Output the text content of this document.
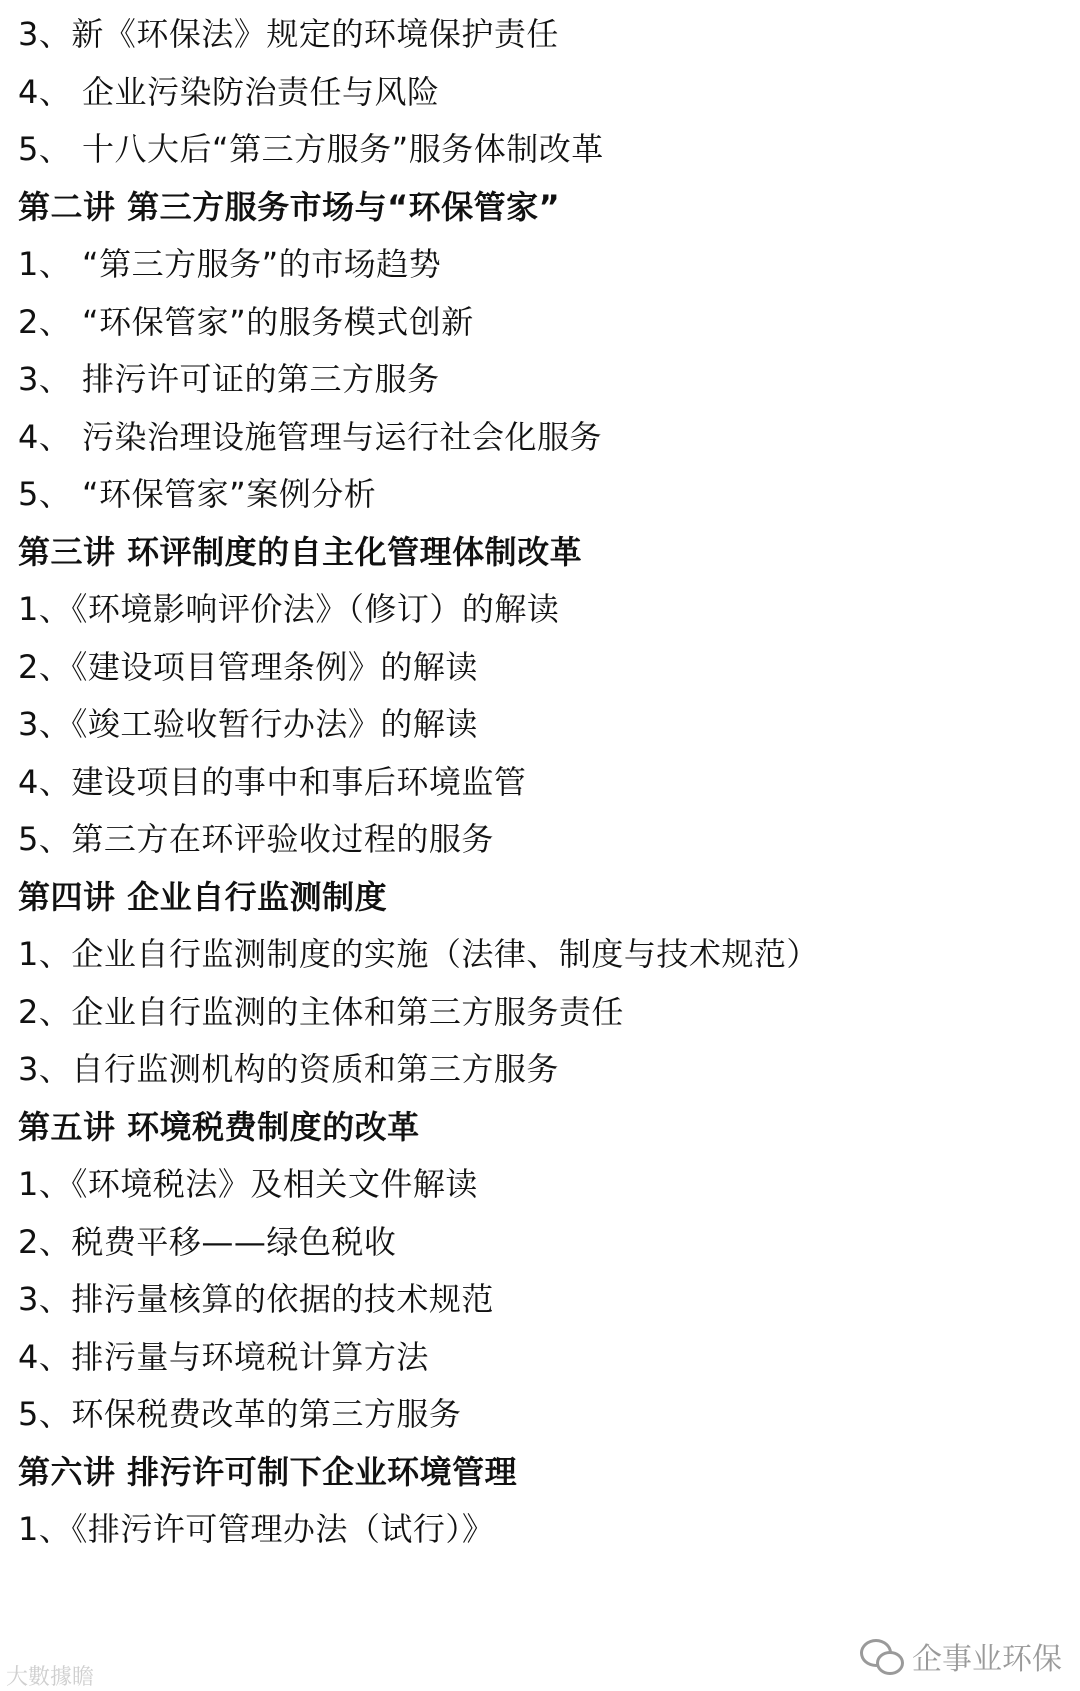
3、新《环保法》规定的环境保护责任
4、 企业污染防治责任与风险
5、 十八大后“第三方服务”服务体制改革
第二讲 第三方服务市场与“环保管家”
1、 “第三方服务”的市场趋势
2、 “环保管家”的服务模式创新
3、 排污许可证的第三方服务
4、 污染治理设施管理与运行社会化服务
5、 “环保管家”案例分析
第三讲 环评制度的自主化管理体制改革
1、《环境影响评价法》（修订）的解读
2、《建设项目管理条例》的解读
3、《竣工验收暂行办法》的解读
4、建设项目的事中和事后环境监管
5、第三方在环评验收过程的服务
第四讲 企业自行监测制度
1、企业自行监测制度的实施（法律、制度与技术规范）
2、企业自行监测的主体和第三方服务责任
3、自行监测机构的资质和第三方服务
第五讲 环境税费制度的改革
1、《环境税法》及相关文件解读
2、税费平移——绿色税收
3、排污量核算的依据的技术规范
4、排污量与环境税计算方法
5、环保税费改革的第三方服务
第六讲 排污许可制下企业环境管理
1、《排污许可管理办法（试行）》
大數據瞻
企事业环保
